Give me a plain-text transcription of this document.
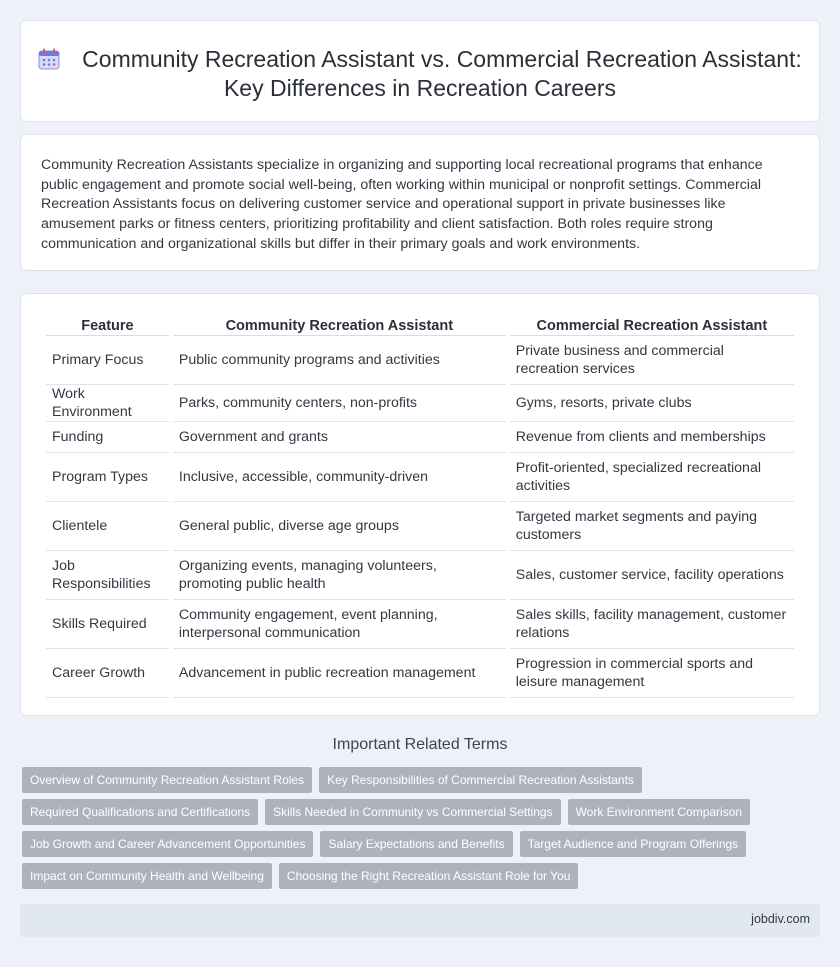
Community Recreation Assistant vs. Commercial Recreation Assistant: Key Differences in Recreation Careers

Community Recreation Assistants specialize in organizing and supporting local recreational programs that enhance public engagement and promote social well-being, often working within municipal or nonprofit settings. Commercial Recreation Assistants focus on delivering customer service and operational support in private businesses like amusement parks or fitness centers, prioritizing profitability and client satisfaction. Both roles require strong communication and organizational skills but differ in their primary goals and work environments.

Feature	Community Recreation Assistant	Commercial Recreation Assistant
Primary Focus	Public community programs and activities	Private business and commercial recreation services
Work Environment	Parks, community centers, non-profits	Gyms, resorts, private clubs
Funding	Government and grants	Revenue from clients and memberships
Program Types	Inclusive, accessible, community-driven	Profit-oriented, specialized recreational activities
Clientele	General public, diverse age groups	Targeted market segments and paying customers
Job Responsibilities	Organizing events, managing volunteers, promoting public health	Sales, customer service, facility operations
Skills Required	Community engagement, event planning, interpersonal communication	Sales skills, facility management, customer relations
Career Growth	Advancement in public recreation management	Progression in commercial sports and leisure management
Important Related Terms
Overview of Community Recreation Assistant Roles	Key Responsibilities of Commercial Recreation Assistants
Required Qualifications and Certifications	Skills Needed in Community vs Commercial Settings	Work Environment Comparison
Job Growth and Career Advancement Opportunities	Salary Expectations and Benefits	Target Audience and Program Offerings
Impact on Community Health and Wellbeing	Choosing the Right Recreation Assistant Role for You
jobdiv.com
